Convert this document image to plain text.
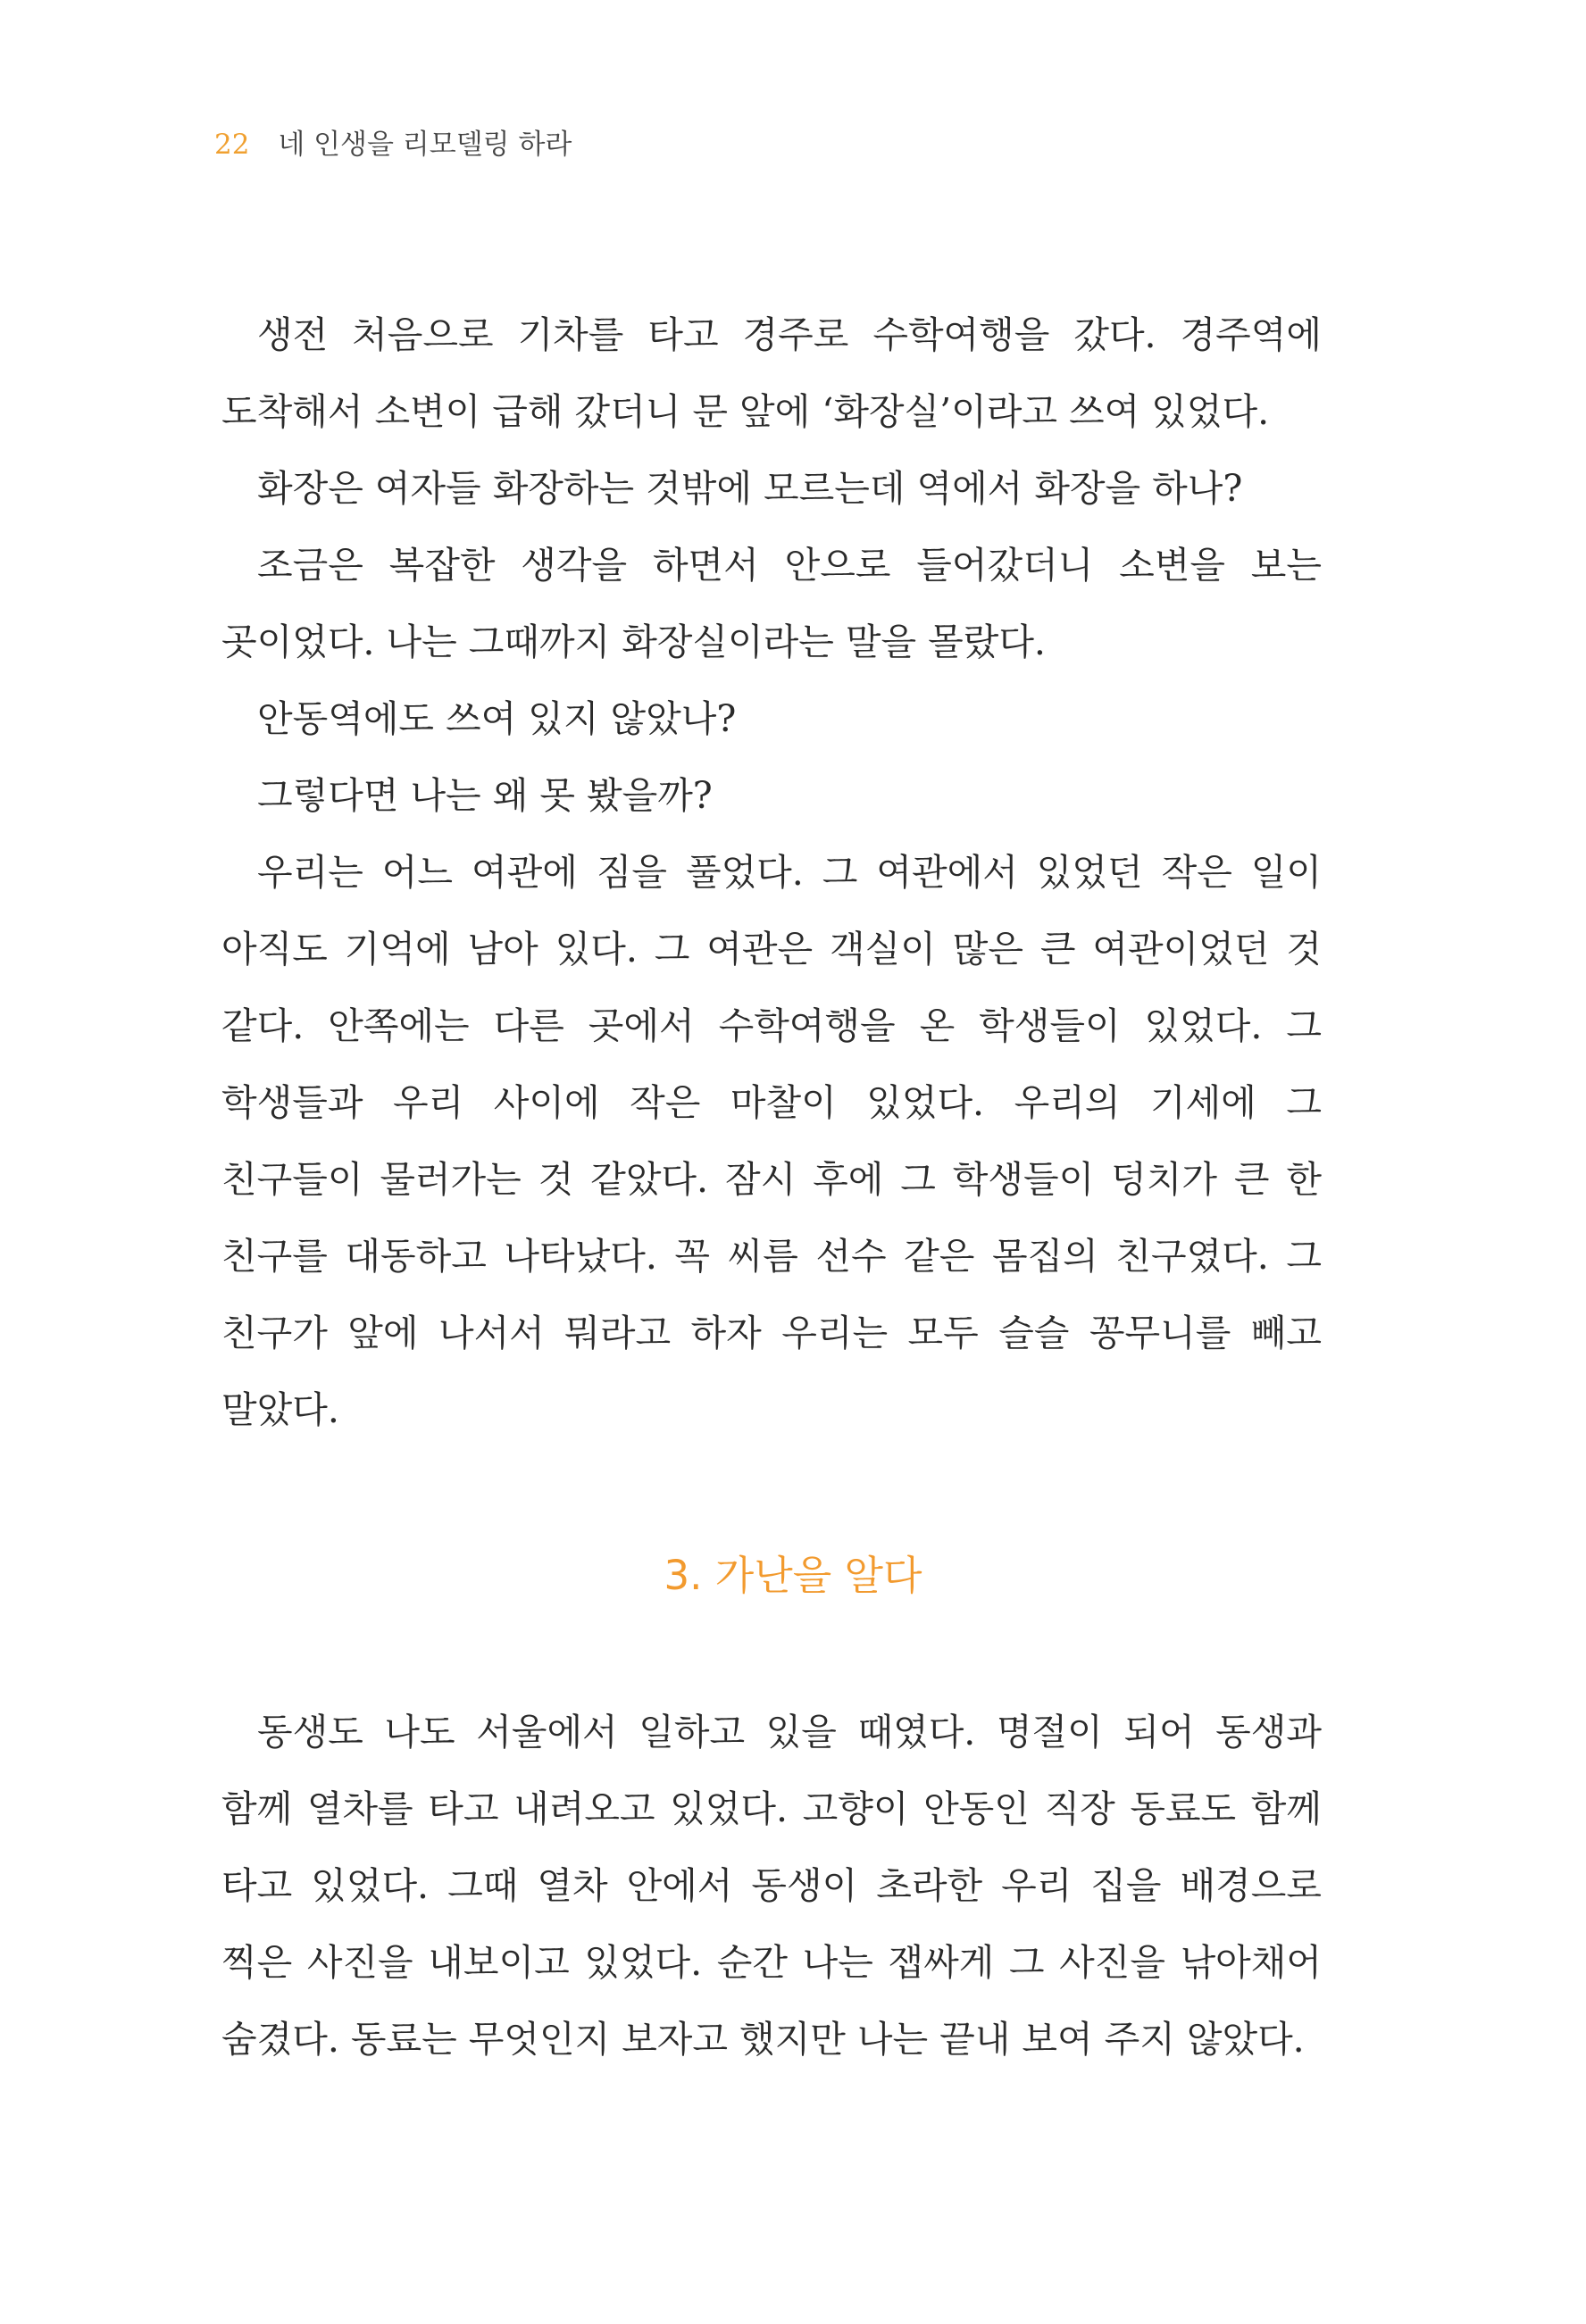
22 네 인생을 리모델링 하라

생전 처음으로 기차를 타고 경주로 수학여행을 갔다. 경주역에 도착해서 소변이 급해 갔더니 문 앞에 ‘화장실’이라고 쓰여 있었다.

화장은 여자들 화장하는 것밖에 모르는데 역에서 화장을 하나?

조금은 복잡한 생각을 하면서 안으로 들어갔더니 소변을 보는 곳이었다. 나는 그때까지 화장실이라는 말을 몰랐다.

안동역에도 쓰여 있지 않았나?

그렇다면 나는 왜 못 봤을까?

우리는 어느 여관에 짐을 풀었다. 그 여관에서 있었던 작은 일이 아직도 기억에 남아 있다. 그 여관은 객실이 많은 큰 여관이었던 것 같다. 안쪽에는 다른 곳에서 수학여행을 온 학생들이 있었다. 그 학생들과 우리 사이에 작은 마찰이 있었다. 우리의 기세에 그 친구들이 물러가는 것 같았다. 잠시 후에 그 학생들이 덩치가 큰 한 친구를 대동하고 나타났다. 꼭 씨름 선수 같은 몸집의 친구였다. 그 친구가 앞에 나서서 뭐라고 하자 우리는 모두 슬슬 꽁무니를 빼고 말았다.

3. 가난을 알다

동생도 나도 서울에서 일하고 있을 때였다. 명절이 되어 동생과 함께 열차를 타고 내려오고 있었다. 고향이 안동인 직장 동료도 함께 타고 있었다. 그때 열차 안에서 동생이 초라한 우리 집을 배경으로 찍은 사진을 내보이고 있었다. 순간 나는 잽싸게 그 사진을 낚아채어 숨겼다. 동료는 무엇인지 보자고 했지만 나는 끝내 보여 주지 않았다.
